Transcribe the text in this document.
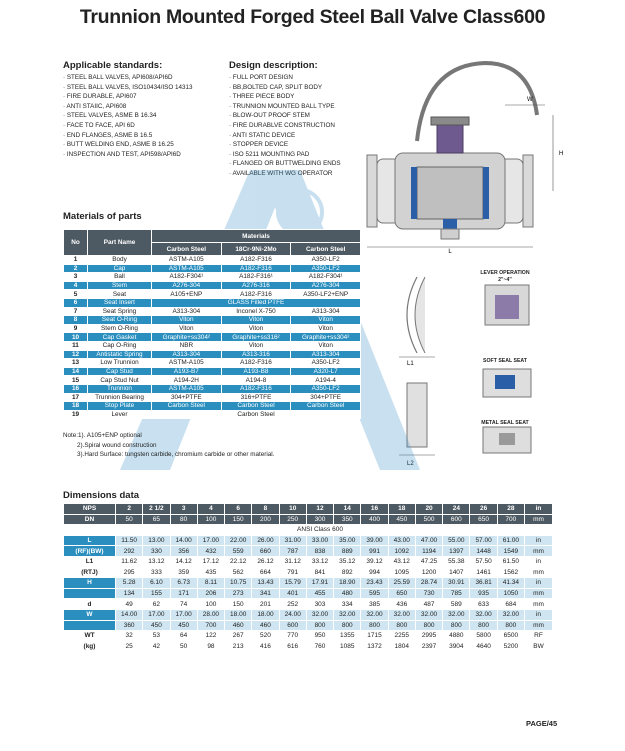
Trunnion Mounted Forged Steel Ball Valve Class600
Applicable standards:
· STEEL BALL VALVES, API608/API6D
· STEEL BALL VALVES, ISO10434/ISO 14313
· FIRE DURABLE, API607
· ANTI STAIIC, API608
· STEEL VALVES, ASME B 16.34
· FACE TO FACE, API 6D
· END FLANGES, ASME B 16.5
· BUTT WELDING END, ASME B 16.25
· INSPECTION AND TEST, API598/API6D
Design description:
· FULL PORT DESIGN
· BB,BOLTED CAP, SPLIT BODY
· THREE PIECE BODY
· TRUNNION MOUNTED BALL TYPE
· BLOW-OUT PROOF STEM
· FIRE DURABLVE CONSTRUCTION
· ANTI STATIC DEVICE
· STOPPER DEVICE
· ISO 5211 MOUNTING PAD
· FLANGED OR BUTTWELDING ENDS
· AVAILABLE WITH WG OPERATOR
L
H
W
L1
L2
LEVER OPERATION
2"~4"
SOFT SEAL SEAT
METAL SEAL SEAT
Materials of parts
No	Part Name	Materials		
		Carbon Steel	18Cr-9Ni-2Mo	Carbon Steel
1	Body	ASTM-A105	A182-F316	A350-LF2
2	Cap	ASTM-A105	A182-F316	A350-LF2
3	Ball	A182-F304¹	A182-F316¹	A182-F304¹
4	Stem	A276-304	A276-316	A276-304
5	Seat	A105+ENP	A182-F316	A350-LF2+ENP
6	Seat Insert	GLASS Filled PTFE		
7	Seat Spring	A313-304	Inconel X-750	A313-304
8	Seat O-Ring	Viton	Viton	Viton
9	Stem O-Ring	Viton	Viton	Viton
10	Cap Gasket	Graphite+ss304²	Graphite+ss316²	Graphite+ss304²
11	Cap O-Ring	NBR	Viton	Viton
12	Antistatic Spring	A313-304	A313-316	A313-304
13	Low Trunnion	ASTM-A105	A182-F316	A350-LF2
14	Cap Stud	A193-B7	A193-B8	A320-L7
15	Cap Stud Nut	A194-2H	A194-8	A194-4
16	Trunnion	ASTM-A105	A182-F316	A350-LF2
17	Trunnion Bearing	304+PTFE	316+PTFE	304+PTFE
18	Stop Plate	Carbon Steel	Carbon Steel	Carbon Steel
19	Lever	Carbon Steel		
Note:1). A105+ENP optional
2).Spiral wound construction
3).Hard Surface: tungsten carbide, chromium carbide or other material.
Dimensions data
NPS	2	2 1/2	3	4	6	8	10	12	14	16	18	20	24	26	28	in
DN	50	65	80	100	150	200	250	300	350	400	450	500	600	650	700	mm
	ANSI Class 600															
L	11.50	13.00	14.00	17.00	22.00	26.00	31.00	33.00	35.00	39.00	43.00	47.00	55.00	57.00	61.00	in
(RF)(BW)	292	330	356	432	559	660	787	838	889	991	1092	1194	1397	1448	1549	mm
L1	11.62	13.12	14.12	17.12	22.12	26.12	31.12	33.12	35.12	39.12	43.12	47.25	55.38	57.50	61.50	in
(RTJ)	295	333	359	435	562	664	791	841	892	994	1095	1200	1407	1461	1562	mm
H	5.28	6.10	6.73	8.11	10.75	13.43	15.79	17.91	18.90	23.43	25.59	28.74	30.91	36.81	41.34	in
	134	155	171	206	273	341	401	455	480	595	650	730	785	935	1050	mm
d	49	62	74	100	150	201	252	303	334	385	436	487	589	633	684	mm
W	14.00	17.00	17.00	28.00	18.00	18.00	24.00	32.00	32.00	32.00	32.00	32.00	32.00	32.00	32.00	in
	360	450	450	700	460	460	600	800	800	800	800	800	800	800	800	mm
WT	32	53	64	122	267	520	770	950	1355	1715	2255	2995	4880	5800	6500	RF
(kg)	25	42	50	98	213	416	616	760	1085	1372	1804	2397	3904	4640	5200	BW
PAGE/45
